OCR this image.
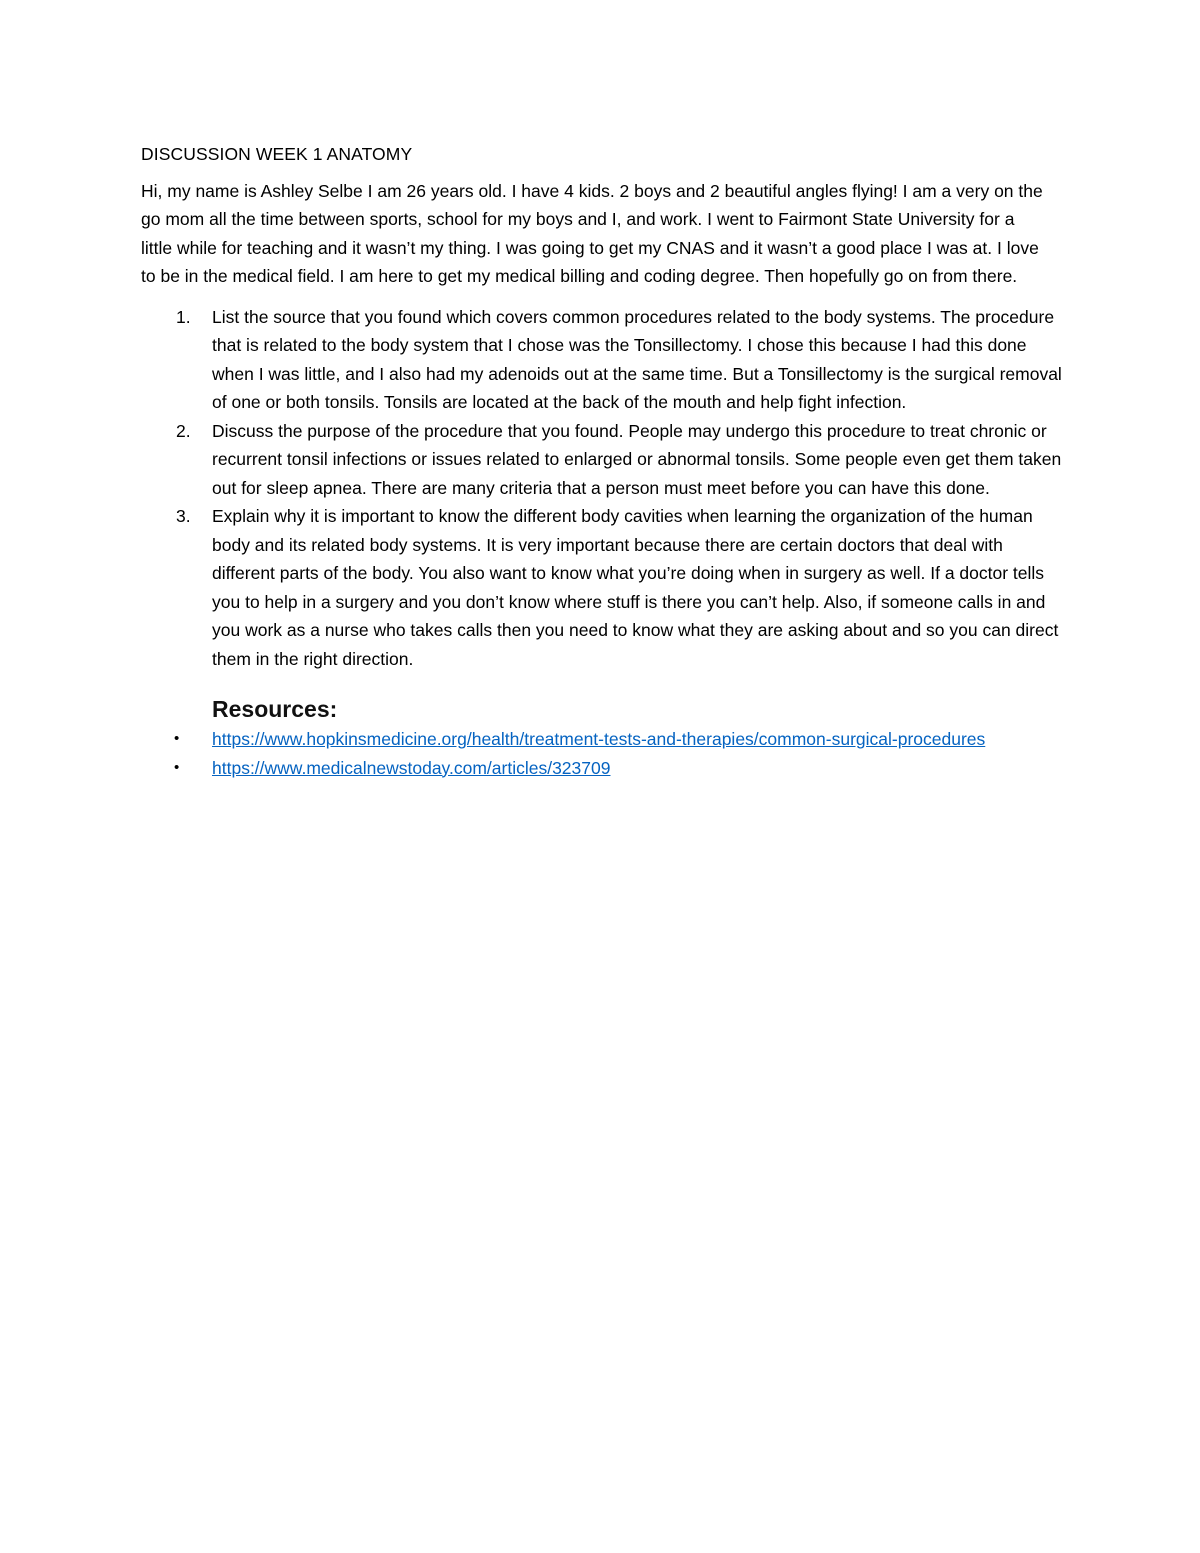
DISCUSSION WEEK 1 ANATOMY

Hi, my name is Ashley Selbe I am 26 years old. I have 4 kids. 2 boys and 2 beautiful angles flying! I am a very on the go mom all the time between sports, school for my boys and I, and work. I went to Fairmont State University for a little while for teaching and it wasn’t my thing. I was going to get my CNAS and it wasn’t a good place I was at. I love to be in the medical field. I am here to get my medical billing and coding degree. Then hopefully go on from there.

1. List the source that you found which covers common procedures related to the body systems. The procedure that is related to the body system that I chose was the Tonsillectomy. I chose this because I had this done when I was little, and I also had my adenoids out at the same time. But a Tonsillectomy is the surgical removal of one or both tonsils. Tonsils are located at the back of the mouth and help fight infection.
2. Discuss the purpose of the procedure that you found. People may undergo this procedure to treat chronic or recurrent tonsil infections or issues related to enlarged or abnormal tonsils. Some people even get them taken out for sleep apnea. There are many criteria that a person must meet before you can have this done.
3. Explain why it is important to know the different body cavities when learning the organization of the human body and its related body systems. It is very important because there are certain doctors that deal with different parts of the body. You also want to know what you’re doing when in surgery as well. If a doctor tells you to help in a surgery and you don’t know where stuff is there you can’t help. Also, if someone calls in and you work as a nurse who takes calls then you need to know what they are asking about and so you can direct them in the right direction.
Resources:
• https://www.hopkinsmedicine.org/health/treatment-tests-and-therapies/common-surgical-procedures
• https://www.medicalnewstoday.com/articles/323709
